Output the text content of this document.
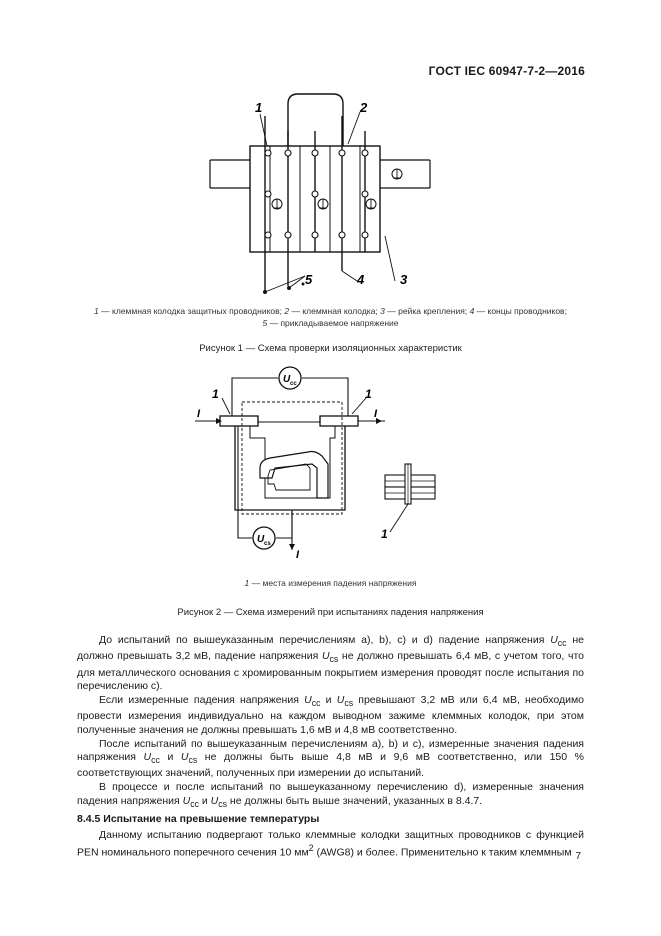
ГОСТ IEC 60947-7-2—2016
1	2
3
4
5
1 — клеммная колодка защитных проводников; 2 — клеммная колодка; 3 — рейка крепления; 4 — концы проводников;
5 — прикладываемое напряжение
Рисунок 1 — Схема проверки изоляционных характеристик
U cc
U cs
I	I
I
1	1
1
1 — места измерения падения напряжения
Рисунок 2 — Схема измерений при испытаниях падения напряжения

До испытаний по вышеуказанным перечислениям a), b), c) и d) падение напряжения $U_{cc}$ не должно превышать 3,2 мВ, падение напряжения $U_{cs}$ не должно превышать 6,4 мВ, с учетом того, что для металлического основания с хромированным покрытием измерения проводят после испытания по перечислению c).

Если измеренные падения напряжения $U_{cc}$ и $U_{cs}$ превышают 3,2 мВ или 6,4 мВ, необходимо провести измерения индивидуально на каждом выводном зажиме клеммных колодок, при этом полученные значения не должны превышать 1,6 мВ и 4,8 мВ соответственно.

После испытаний по вышеуказанным перечислениям a), b) и c), измеренные значения падения напряжения $U_{cc}$ и $U_{cs}$ не должны быть выше 4,8 мВ и 9,6 мВ соответственно, или 150 % соответствующих значений, полученных при измерении до испытаний.

В процессе и после испытаний по вышеуказанному перечислению d), измеренные значения падения напряжения $U_{cc}$ и $U_{cs}$ не должны быть выше значений, указанных в 8.4.7.

8.4.5 Испытание на превышение температуры

Данному испытанию подвергают только клеммные колодки защитных проводников с функцией PEN номинального поперечного сечения 10 $мм^2$ (AWG8) и более. Применительно к таким клеммным 7
